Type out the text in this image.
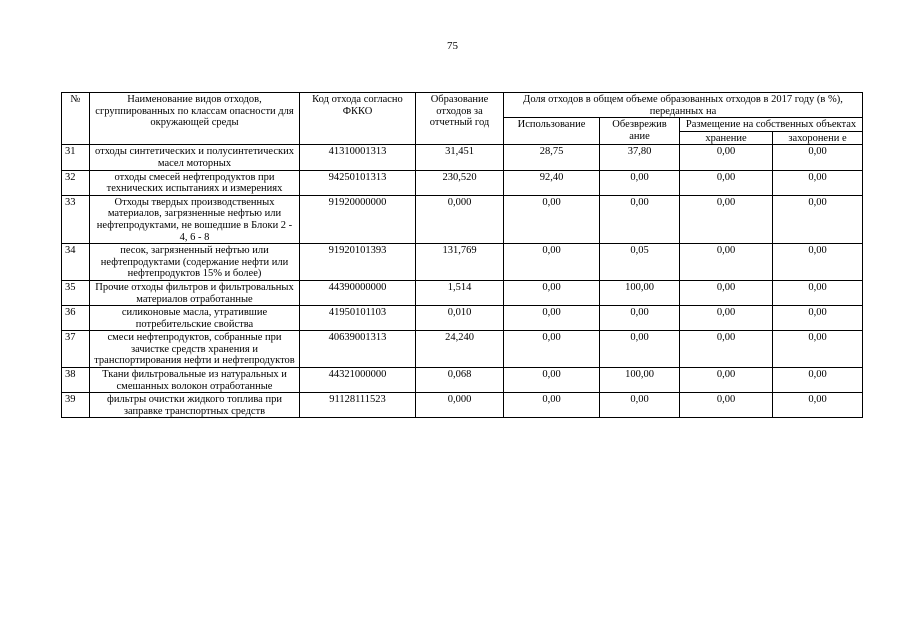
75
№	Наименование видов отходов, сгруппированных по классам опасности для окружающей среды	Код отхода согласно ФККО	Образование отходов за отчетный год	Доля отходов в общем объеме образованных отходов в 2017 году (в %), переданных на			
				Использование	Обезврежив ание	Размещение на собственных объектах	
						хранение	захоронени е
31	отходы синтетических и полусинтетических масел моторных	41310001313	31,451	28,75	37,80	0,00	0,00
32	отходы смесей нефтепродуктов при технических испытаниях и измерениях	94250101313	230,520	92,40	0,00	0,00	0,00
33	Отходы твердых производственных материалов, загрязненные нефтью или нефтепродуктами, не вошедшие в Блоки 2 - 4, 6 - 8	91920000000	0,000	0,00	0,00	0,00	0,00
34	песок, загрязненный нефтью или нефтепродуктами (содержание нефти или нефтепродуктов 15% и более)	91920101393	131,769	0,00	0,05	0,00	0,00
35	Прочие отходы фильтров и фильтровальных материалов отработанные	44390000000	1,514	0,00	100,00	0,00	0,00
36	силиконовые масла, утратившие потребительские свойства	41950101103	0,010	0,00	0,00	0,00	0,00
37	смеси нефтепродуктов, собранные при зачистке средств хранения и транспортирования нефти и нефтепродуктов	40639001313	24,240	0,00	0,00	0,00	0,00
38	Ткани фильтровальные из натуральных и смешанных волокон отработанные	44321000000	0,068	0,00	100,00	0,00	0,00
39	фильтры очистки жидкого топлива при заправке транспортных средств	91128111523	0,000	0,00	0,00	0,00	0,00
